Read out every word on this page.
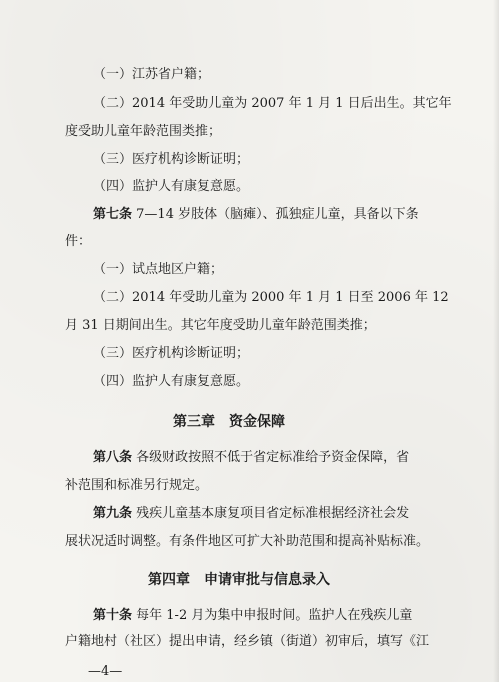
（一）江苏省户籍；
（二）2014 年受助儿童为 2007 年 1 月 1 日后出生。其它年
度受助儿童年龄范围类推；
（三）医疗机构诊断证明；
（四）监护人有康复意愿。
第七条 7—14 岁肢体（脑瘫）、孤独症儿童，具备以下条
件：
（一）试点地区户籍；
（二）2014 年受助儿童为 2000 年 1 月 1 日至 2006 年 12
月 31 日期间出生。其它年度受助儿童年龄范围类推；
（三）医疗机构诊断证明；
（四）监护人有康复意愿。
第三章　资金保障
第八条 各级财政按照不低于省定标准给予资金保障，省
补范围和标准另行规定。
第九条 残疾儿童基本康复项目省定标准根据经济社会发
展状况适时调整。有条件地区可扩大补助范围和提高补贴标准。
第四章　申请审批与信息录入
第十条 每年 1-2 月为集中申报时间。监护人在残疾儿童
户籍地村（社区）提出申请，经乡镇（街道）初审后，填写《江
—4—
